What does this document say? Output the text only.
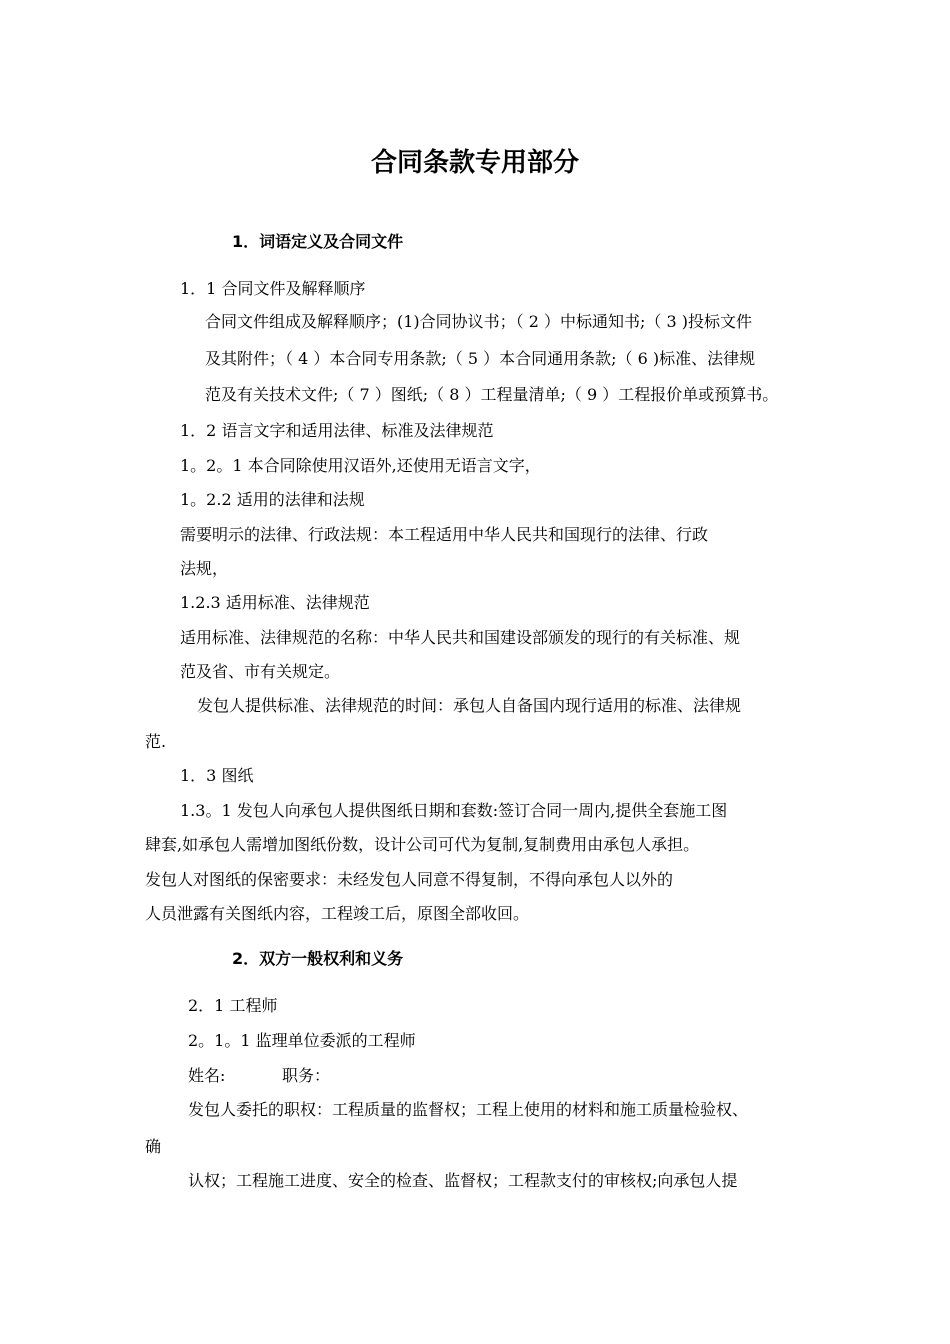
合同条款专用部分
1．词语定义及合同文件
1．1 合同文件及解释顺序
合同文件组成及解释顺序；(1)合同协议书；（ 2 ）中标通知书;（ 3 )投标文件
及其附件；（ 4 ）本合同专用条款;（ 5 ）本合同通用条款;（ 6 )标准、法律规
范及有关技术文件;（ 7 ）图纸;（ 8 ）工程量清单;（ 9 ）工程报价单或预算书。
1．2 语言文字和适用法律、标准及法律规范
1。2。1 本合同除使用汉语外,还使用无语言文字，
1。2.2 适用的法律和法规
需要明示的法律、行政法规：本工程适用中华人民共和国现行的法律、行政
法规，
1.2.3 适用标准、法律规范
适用标准、法律规范的名称：中华人民共和国建设部颁发的现行的有关标准、规
范及省、市有关规定。
发包人提供标准、法律规范的时间：承包人自备国内现行适用的标准、法律规
范.
1．3 图纸
1.3。1 发包人向承包人提供图纸日期和套数:签订合同一周内,提供全套施工图
肆套,如承包人需增加图纸份数，设计公司可代为复制,复制费用由承包人承担。
发包人对图纸的保密要求：未经发包人同意不得复制，不得向承包人以外的
人员泄露有关图纸内容，工程竣工后，原图全部收回。
2．双方一般权利和义务
2．1 工程师
2。1。1 监理单位委派的工程师
姓名:	职务：
发包人委托的职权：工程质量的监督权；工程上使用的材料和施工质量检验权、
确
认权；工程施工进度、安全的检查、监督权；工程款支付的审核权;向承包人提
